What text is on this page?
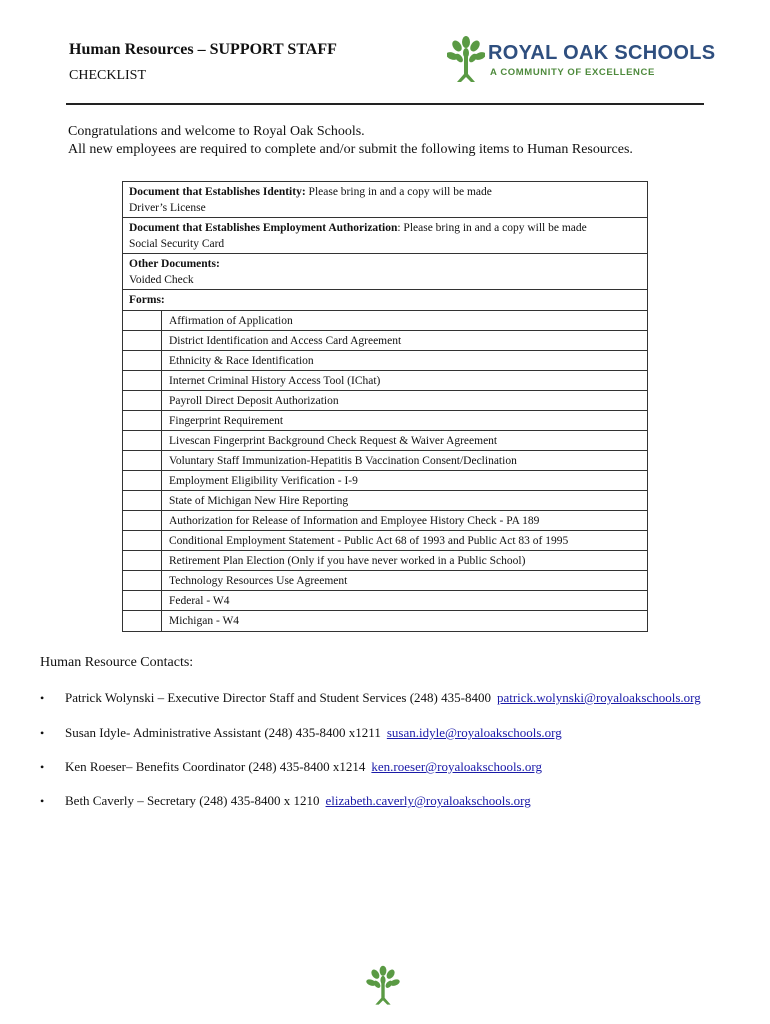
Human Resources – SUPPORT STAFF
CHECKLIST
ROYAL OAK SCHOOLS
A COMMUNITY OF EXCELLENCE
Congratulations and welcome to Royal Oak Schools.
All new employees are required to complete and/or submit the following items to Human Resources.
Document that Establishes Identity: Please bring in and a copy will be made
Driver’s License
Document that Establishes Employment Authorization: Please bring in and a copy will be made
Social Security Card
Other Documents:
Voided Check
Forms:
Affirmation of Application
District Identification and Access Card Agreement
Ethnicity & Race Identification
Internet Criminal History Access Tool (IChat)
Payroll Direct Deposit Authorization
Fingerprint Requirement
Livescan Fingerprint Background Check Request & Waiver Agreement
Voluntary Staff Immunization-Hepatitis B Vaccination Consent/Declination
Employment Eligibility Verification - I-9
State of Michigan New Hire Reporting
Authorization for Release of Information and Employee History Check - PA 189
Conditional Employment Statement - Public Act 68 of 1993 and Public Act 83 of 1995
Retirement Plan Election (Only if you have never worked in a Public School)
Technology Resources Use Agreement
Federal - W4
Michigan - W4
Human Resource Contacts:
•	Patrick Wolynski – Executive Director Staff and Student Services (248) 435-8400 patrick.wolynski@royaloakschools.org
•	Susan Idyle- Administrative Assistant (248) 435-8400 x1211 susan.idyle@royaloakschools.org
•	Ken Roeser– Benefits Coordinator (248) 435-8400 x1214 ken.roeser@royaloakschools.org
•	Beth Caverly – Secretary (248) 435-8400 x 1210 elizabeth.caverly@royaloakschools.org
